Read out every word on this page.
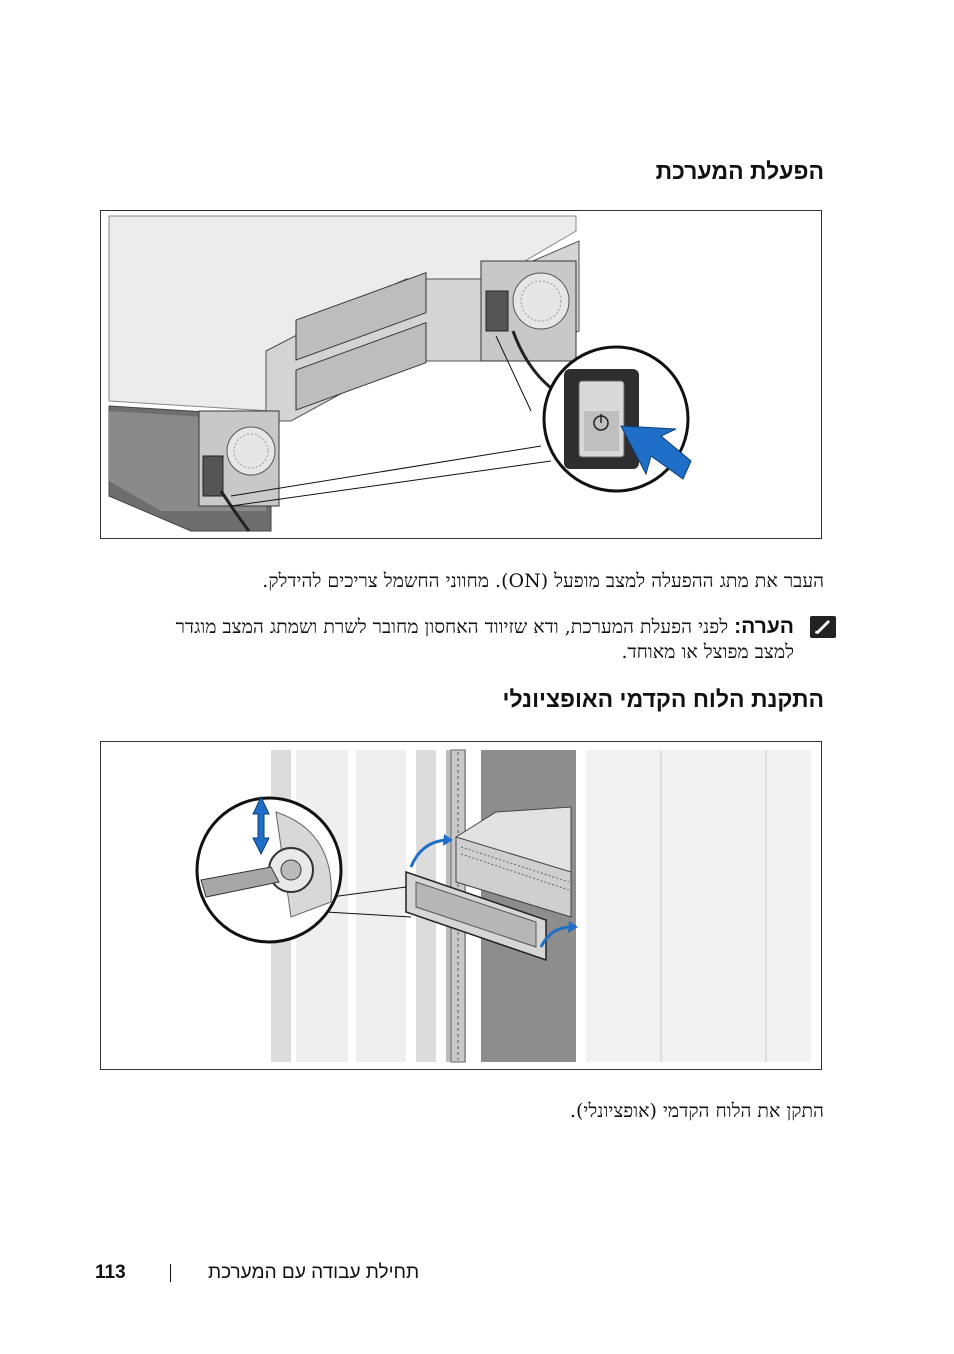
הפעלת המערכת
העבר את מתג ההפעלה למצב מופעל (ON). מחווני החשמל צריכים להידלק.
הערה: לפני הפעלת המערכת, ודא שזיווד האחסון מחובר לשרת ושמתג המצב מוגדר למצב מפוצל או מאוחד.
התקנת הלוח הקדמי האופציונלי
התקן את הלוח הקדמי (אופציונלי).
113	תחילת עבודה עם המערכת
